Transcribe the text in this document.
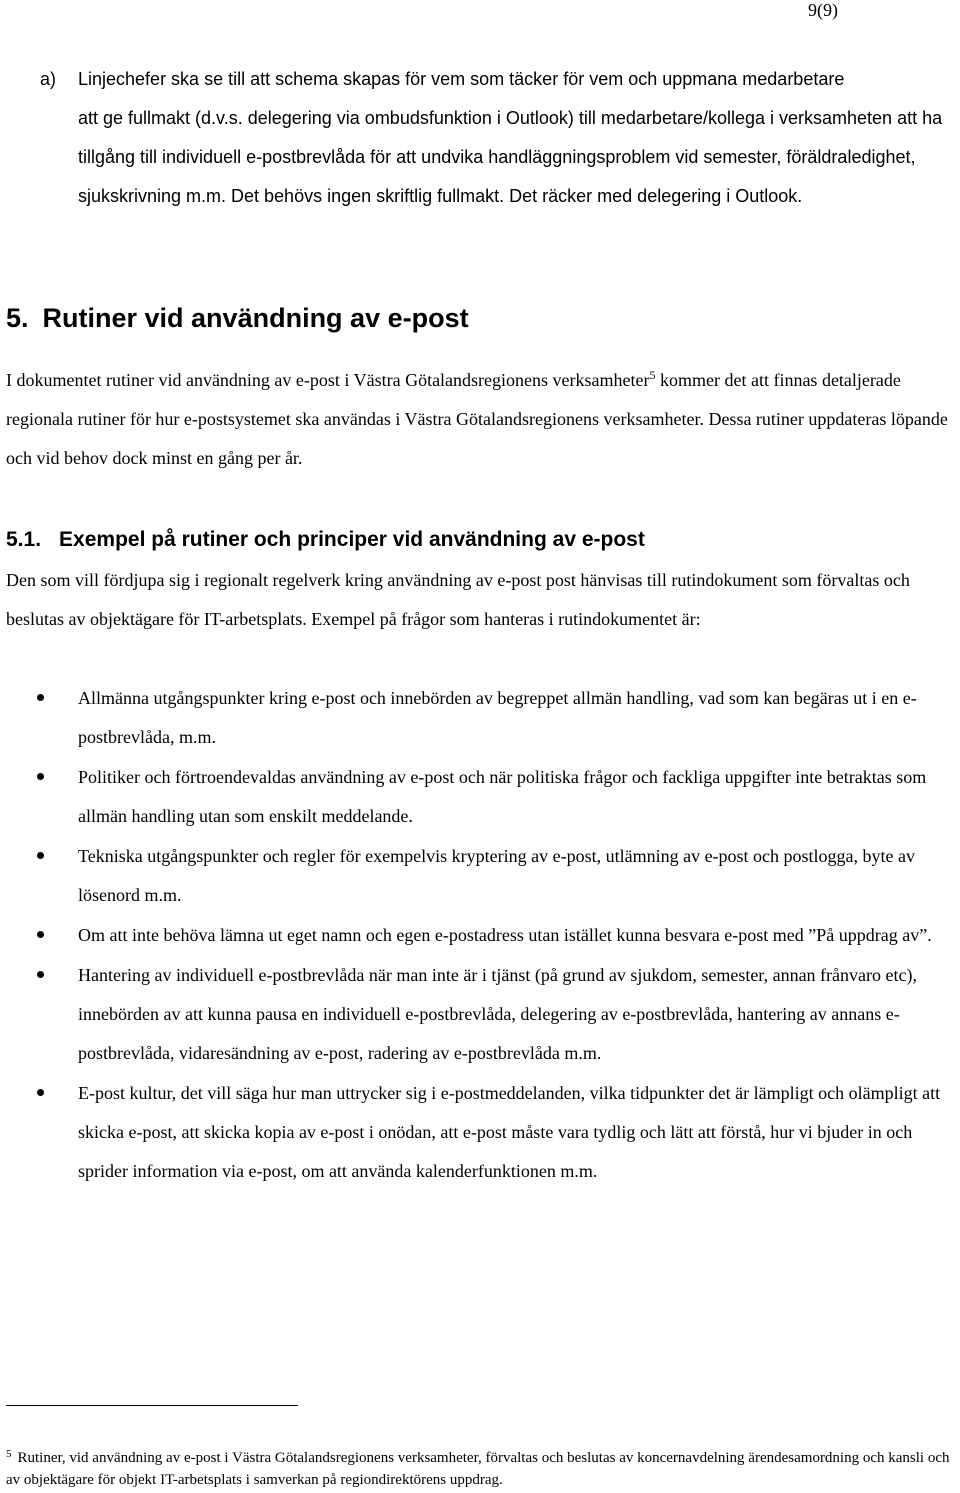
9(9)
a) Linjechefer ska se till att schema skapas för vem som täcker för vem och uppmana medarbetare
att ge fullmakt (d.v.s. delegering via ombudsfunktion i Outlook) till medarbetare/kollega i verksamheten att ha tillgång till individuell e-postbrevlåda för att undvika handläggningsproblem vid semester, föräldraledighet, sjukskrivning m.m. Det behövs ingen skriftlig fullmakt. Det räcker med delegering i Outlook.
5. Rutiner vid användning av e-post
I dokumentet rutiner vid användning av e-post i Västra Götalandsregionens verksamheter$^5$ kommer det att finnas detaljerade regionala rutiner för hur e-postsystemet ska användas i Västra Götalandsregionens verksamheter. Dessa rutiner uppdateras löpande och vid behov dock minst en gång per år.
5.1. Exempel på rutiner och principer vid användning av e-post
Den som vill fördjupa sig i regionalt regelverk kring användning av e-post post hänvisas till rutindokument som förvaltas och beslutas av objektägare för IT-arbetsplats. Exempel på frågor som hanteras i rutindokumentet är:
Allmänna utgångspunkter kring e-post och innebörden av begreppet allmän handling, vad som kan begäras ut i en e-postbrevlåda, m.m.
Politiker och förtroendevaldas användning av e-post och när politiska frågor och fackliga uppgifter inte betraktas som allmän handling utan som enskilt meddelande.
Tekniska utgångspunkter och regler för exempelvis kryptering av e-post, utlämning av e-post och postlogga, byte av lösenord m.m.
Om att inte behöva lämna ut eget namn och egen e-postadress utan istället kunna besvara e-post med ”På uppdrag av”.
Hantering av individuell e-postbrevlåda när man inte är i tjänst (på grund av sjukdom, semester, annan frånvaro etc), innebörden av att kunna pausa en individuell e-postbrevlåda, delegering av e-postbrevlåda, hantering av annans e-postbrevlåda, vidaresändning av e-post, radering av e-postbrevlåda m.m.
E-post kultur, det vill säga hur man uttrycker sig i e-postmeddelanden, vilka tidpunkter det är lämpligt och olämpligt att skicka e-post, att skicka kopia av e-post i onödan, att e-post måste vara tydlig och lätt att förstå, hur vi bjuder in och sprider information via e-post, om att använda kalenderfunktionen m.m.
$^5$ Rutiner, vid användning av e-post i Västra Götalandsregionens verksamheter, förvaltas och beslutas av koncernavdelning ärendesamordning och kansli och av objektägare för objekt IT-arbetsplats i samverkan på regiondirektörens uppdrag.
